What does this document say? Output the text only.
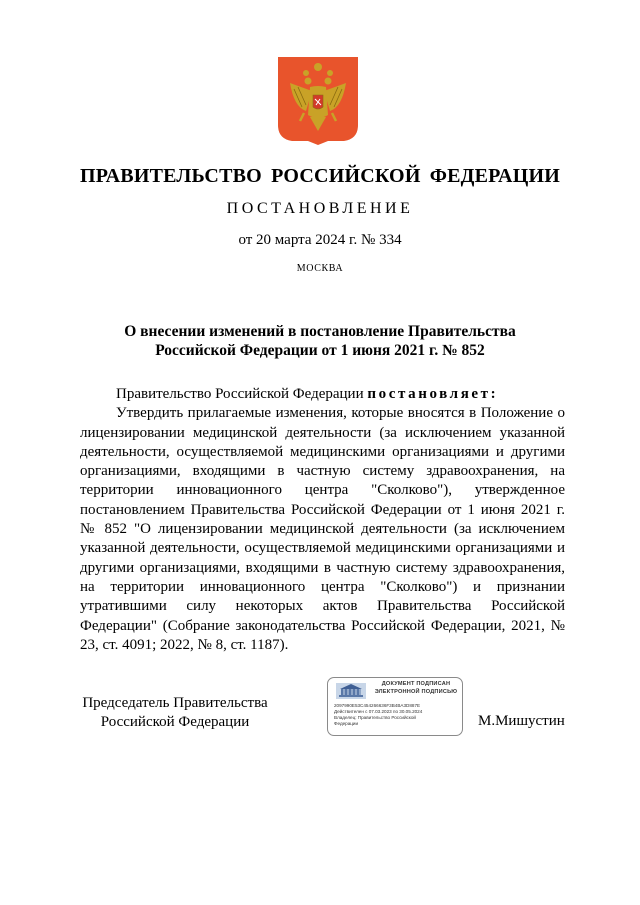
ПРАВИТЕЛЬСТВО РОССИЙСКОЙ ФЕДЕРАЦИИ
ПОСТАНОВЛЕНИЕ
от 20 марта 2024 г. № 334
МОСКВА
О внесении изменений в постановление Правительства
Российской Федерации от 1 июня 2021 г. № 852

Правительство Российской Федерации постановляет:

Утвердить прилагаемые изменения, которые вносятся в Положение о лицензировании медицинской деятельности (за исключением указанной деятельности, осуществляемой медицинскими организациями и другими организациями, входящими в частную систему здравоохранения, на территории инновационного центра "Сколково"), утвержденное постановлением Правительства Российской Федерации от 1 июня 2021 г. № 852 "О лицензировании медицинской деятельности (за исключением указанной деятельности, осуществляемой медицинскими организациями и другими организациями, входящими в частную систему здравоохранения, на территории инновационного центра "Сколково") и признании утратившими силу некоторых актов Правительства Российской Федерации" (Собрание законодательства Российской Федерации, 2021, № 23, ст. 4091; 2022, № 8, ст. 1187).

Председатель Правительства
Российской Федерации
ДОКУМЕНТ ПОДПИСАН
ЭЛЕКТРОННОЙ ПОДПИСЬЮ
2097990E53C454266636F3B4BA3D887E
Действителен с 07.03.2023 по 30.05.2024
Владелец: Правительство Российской
Федерации	М.Мишустин
